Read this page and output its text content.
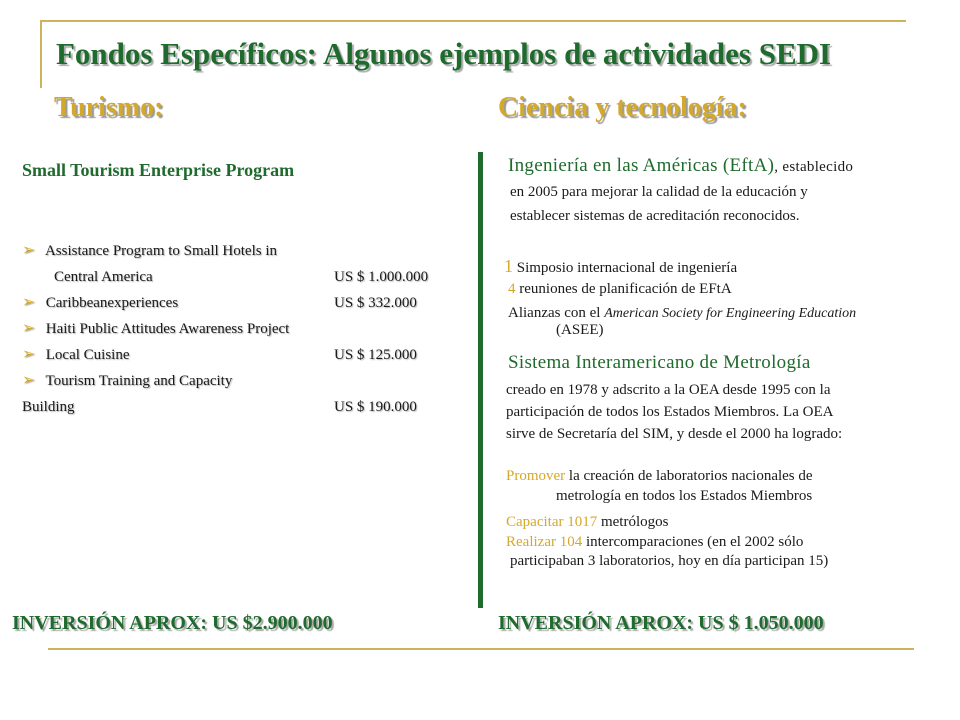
Fondos Específicos: Algunos ejemplos de actividades SEDI
Turismo:	Ciencia y tecnología:
Small Tourism Enterprise Program
➢ Assistance Program to Small Hotels in
Central America	US $ 1.000.000
➢ Caribbeanexperiences	US $ 332.000
➢ Haiti Public Attitudes Awareness Project
➢ Local Cuisine	US $ 125.000
➢ Tourism Training and Capacity
Building	US $ 190.000
Ingeniería en las Américas (EftA), establecido
en 2005 para mejorar la calidad de la educación y
establecer sistemas de acreditación reconocidos.
1 Simposio internacional de ingeniería
4 reuniones de planificación de EFtA
Alianzas con el American Society for Engineering Education
(ASEE)
Sistema Interamericano de Metrología
creado en 1978 y adscrito a la OEA desde 1995 con la
participación de todos los Estados Miembros. La OEA
sirve de Secretaría del SIM, y desde el 2000 ha logrado:
Promover la creación de laboratorios nacionales de
metrología en todos los Estados Miembros
Capacitar 1017 metrólogos
Realizar 104 intercomparaciones (en el 2002 sólo
participaban 3 laboratorios, hoy en día participan 15)
INVERSIÓN APROX: US $2.900.000	INVERSIÓN APROX: US $ 1.050.000
